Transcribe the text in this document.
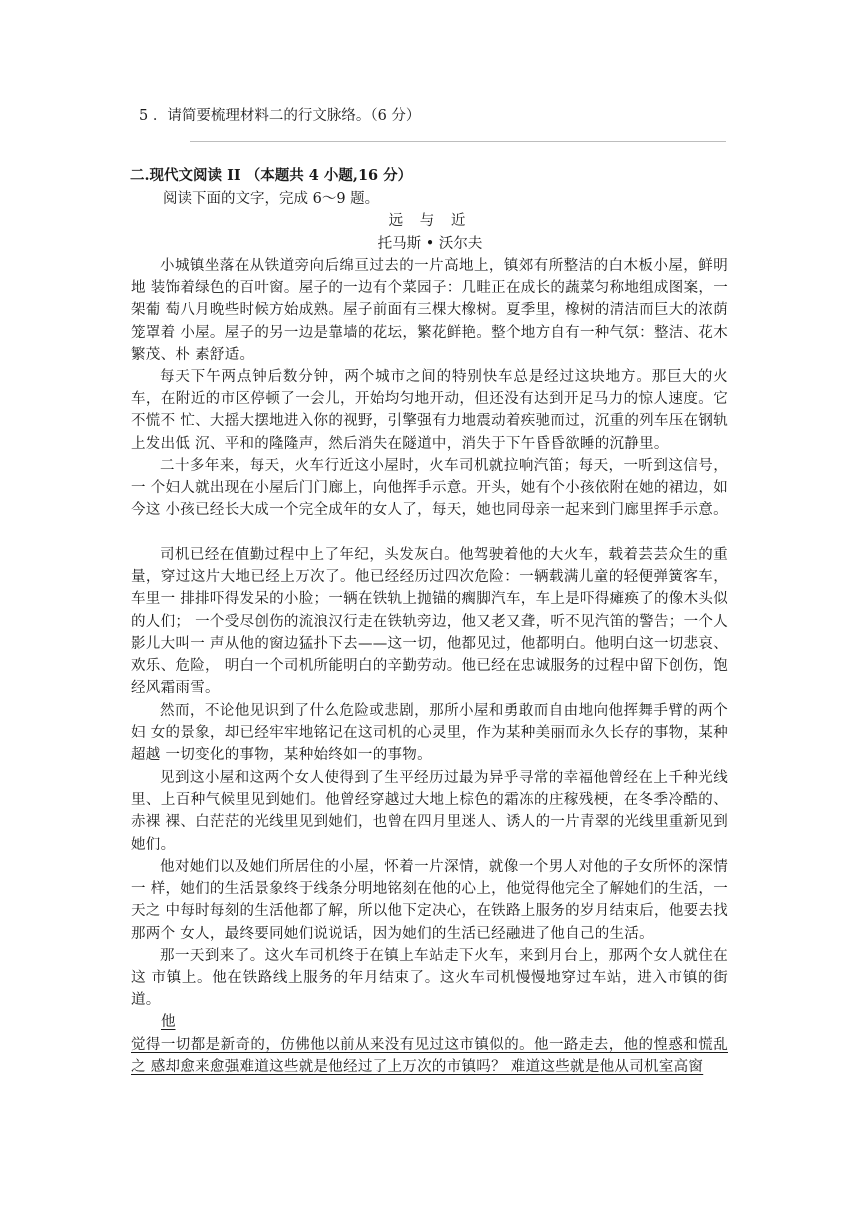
5 ．请简要梳理材料二的行文脉络。（6 分）
二.现代文阅读 II （本题共 4 小题,16 分）
阅读下面的文字，完成 6～9 题。
远 与 近
托马斯 • 沃尔夫

小城镇坐落在从铁道旁向后绵亘过去的一片高地上，镇郊有所整洁的白木板小屋，鲜明地 装饰着绿色的百叶窗。屋子的一边有个菜园子：几畦正在成长的蔬菜匀称地组成图案，一架葡 萄八月晚些时候方始成熟。屋子前面有三棵大橡树。夏季里，橡树的清洁而巨大的浓荫笼罩着 小屋。屋子的另一边是靠墙的花坛，繁花鲜艳。整个地方自有一种气氛：整洁、花木繁茂、朴 素舒适。

每天下午两点钟后数分钟，两个城市之间的特别快车总是经过这块地方。那巨大的火车，在附近的市区停顿了一会儿，开始均匀地开动，但还没有达到开足马力的惊人速度。它不慌不 忙、大摇大摆地进入你的视野，引擎强有力地震动着疾驰而过，沉重的列车压在钢轨上发出低 沉、平和的隆隆声，然后消失在隧道中，消失于下午昏昏欲睡的沉静里。

二十多年来，每天，火车行近这小屋时，火车司机就拉响汽笛；每天，一听到这信号，一 个妇人就出现在小屋后门门廊上，向他挥手示意。开头，她有个小孩依附在她的裙边，如今这 小孩已经长大成一个完全成年的女人了，每天，她也同母亲一起来到门廊里挥手示意。

司机已经在值勤过程中上了年纪，头发灰白。他驾驶着他的大火车，载着芸芸众生的重量，穿过这片大地已经上万次了。他已经经历过四次危险：一辆载满儿童的轻便弹簧客车，车里一 排排吓得发呆的小脸；一辆在铁轨上抛锚的瘸脚汽车，车上是吓得瘫痪了的像木头似的人们； 一个受尽创伤的流浪汉行走在铁轨旁边，他又老又聋，听不见汽笛的警告；一个人影儿大叫一 声从他的窗边猛扑下去——这一切，他都见过，他都明白。他明白这一切悲哀、欢乐、危险， 明白一个司机所能明白的辛勤劳动。他已经在忠诚服务的过程中留下创伤，饱经风霜雨雪。

然而，不论他见识到了什么危险或悲剧，那所小屋和勇敢而自由地向他挥舞手臂的两个妇 女的景象，却已经牢牢地铭记在这司机的心灵里，作为某种美丽而永久长存的事物，某种超越 一切变化的事物，某种始终如一的事物。

见到这小屋和这两个女人使得到了生平经历过最为异乎寻常的幸福他曾经在上千种光线 里、上百种气候里见到她们。他曾经穿越过大地上棕色的霜冻的庄稼残梗，在冬季冷酷的、赤裸 裸、白茫茫的光线里见到她们，也曾在四月里迷人、诱人的一片青翠的光线里重新见到她们。

他对她们以及她们所居住的小屋，怀着一片深情，就像一个男人对他的子女所怀的深情一 样，她们的生活景象终于线条分明地铭刻在他的心上，他觉得他完全了解她们的生活，一天之 中每时每刻的生活他都了解，所以他下定决心，在铁路上服务的岁月结束后，他要去找那两个 女人，最终要同她们说说话，因为她们的生活已经融进了他自己的生活。

那一天到来了。这火车司机终于在镇上车站走下火车，来到月台上，那两个女人就住在这 市镇上。他在铁路线上服务的年月结束了。这火车司机慢慢地穿过车站，进入市镇的街道。

他

觉得一切都是新奇的，仿佛他以前从来没有见过这市镇似的。他一路走去，他的惶惑和慌乱之 感却愈来愈强难道这些就是他经过了上万次的市镇吗？ 难道这些就是他从司机室高窗
